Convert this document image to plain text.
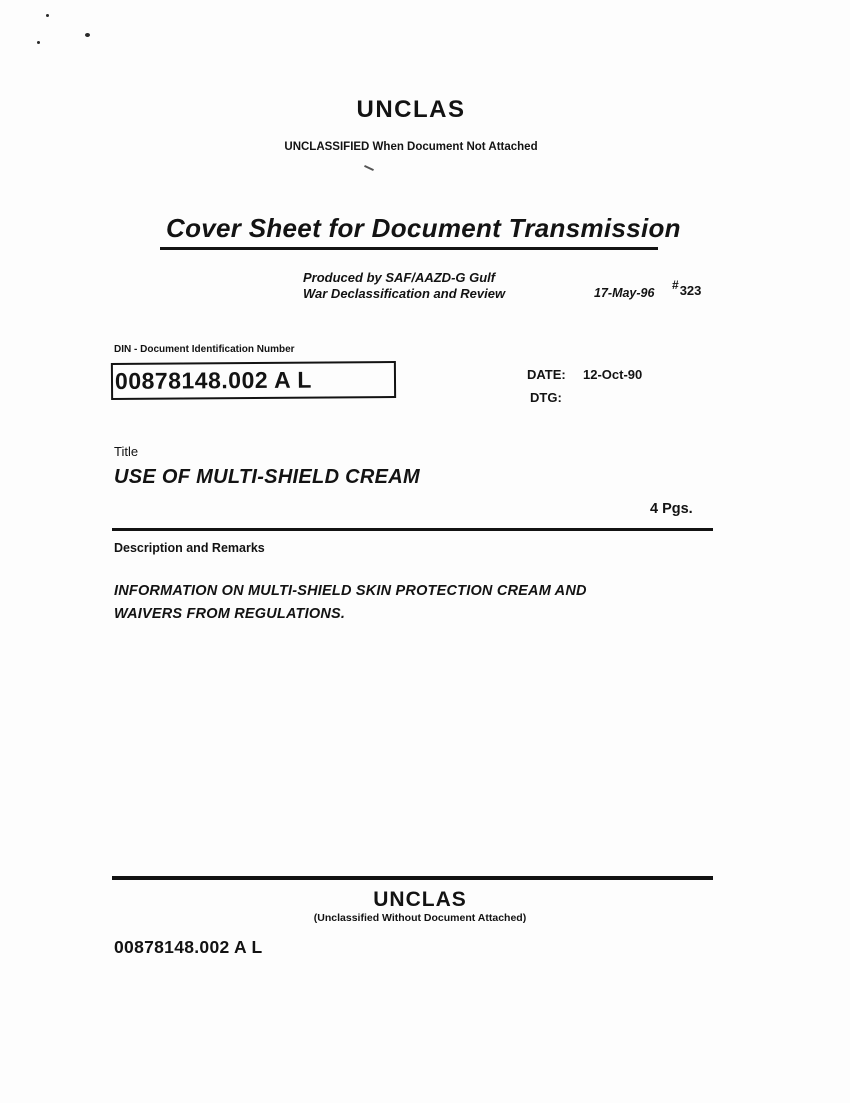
UNCLAS
UNCLASSIFIED When Document Not Attached
Cover Sheet for Document Transmission
Produced by SAF/AAZD-G Gulf
War Declassification and Review	17-May-96
#323
DIN - Document Identification Number
00878148.002 A L	DATE: 12-Oct-90
DTG:
Title
USE OF MULTI-SHIELD CREAM
4 Pgs.
Description and Remarks
INFORMATION ON MULTI-SHIELD SKIN PROTECTION CREAM AND
WAIVERS FROM REGULATIONS.
UNCLAS
(Unclassified Without Document Attached)
00878148.002 A L
